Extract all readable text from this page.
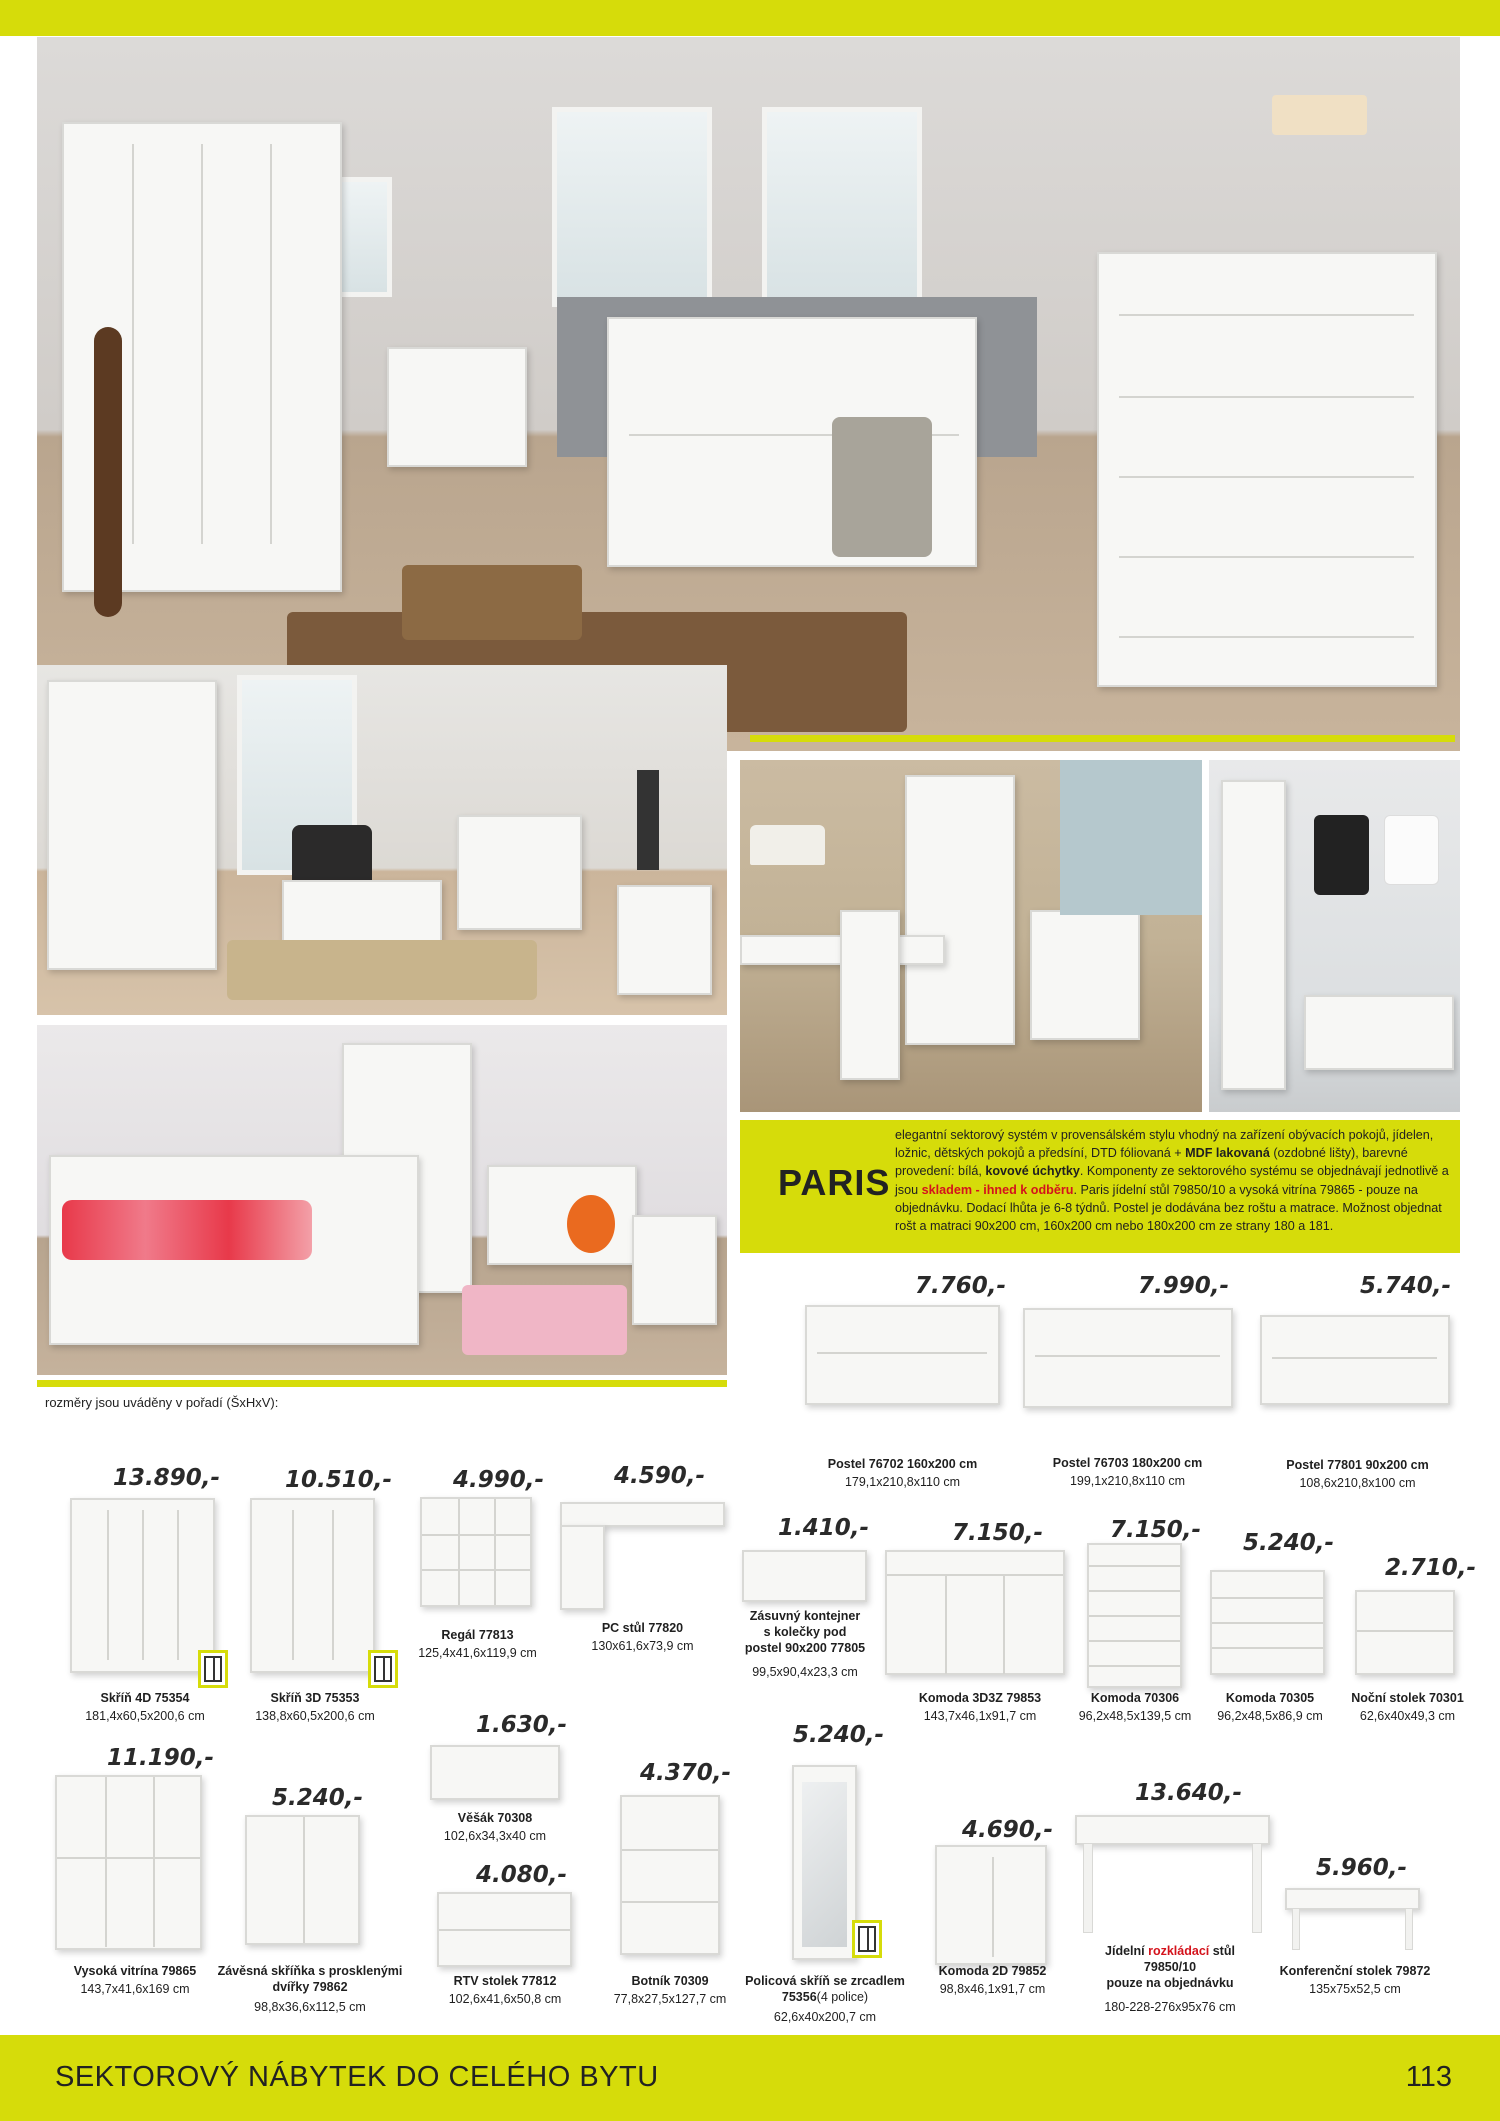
PARIS
elegantní sektorový systém v provensálském stylu vhodný na zařízení obývacích pokojů, jídelen, ložnic, dětských pokojů a předsíní, DTD fóliovaná + MDF lakovaná (ozdobné lišty), barevné provedení: bílá, kovové úchytky. Komponenty ze sektorového systému se objednávají jednotlivě a jsou skladem - ihned k odběru. Paris jídelní stůl 79850/10 a vysoká vitrína 79865 - pouze na objednávku. Dodací lhůta je 6-8 týdnů. Postel je dodávána bez roštu a matrace. Možnost objednat rošt a matraci 90x200 cm, 160x200 cm nebo 180x200 cm ze strany 180 a 181.
rozměry jsou uváděny v pořadí (ŠxHxV):
7.760,-
Postel 76702 160x200 cm
179,1x210,8x110 cm
7.990,-
Postel 76703 180x200 cm
199,1x210,8x110 cm
5.740,-
Postel 77801 90x200 cm
108,6x210,8x100 cm
13.890,-
Skříň 4D 75354
181,4x60,5x200,6 cm
10.510,-
Skříň 3D 75353
138,8x60,5x200,6 cm
4.990,-
Regál 77813
125,4x41,6x119,9 cm
4.590,-
PC stůl 77820
130x61,6x73,9 cm
1.410,-
Zásuvný kontejner
s kolečky pod
postel 90x200 77805
99,5x90,4x23,3 cm
7.150,-
Komoda 3D3Z 79853
143,7x46,1x91,7 cm
7.150,-
Komoda 70306
96,2x48,5x139,5 cm
5.240,-
Komoda 70305
96,2x48,5x86,9 cm
2.710,-
Noční stolek 70301
62,6x40x49,3 cm
11.190,-
Vysoká vitrína 79865
143,7x41,6x169 cm
5.240,-
Závěsná skříňka s prosklenými
dvířky 79862
98,8x36,6x112,5 cm
1.630,-
Věšák 70308
102,6x34,3x40 cm
4.080,-
RTV stolek 77812
102,6x41,6x50,8 cm
4.370,-
Botník 70309
77,8x27,5x127,7 cm
5.240,-
Policová skříň se zrcadlem
75356(4 police)
62,6x40x200,7 cm
4.690,-
Komoda 2D 79852
98,8x46,1x91,7 cm
13.640,-
Jídelní rozkládací stůl
79850/10
pouze na objednávku
180-228-276x95x76 cm
5.960,-
Konferenční stolek 79872
135x75x52,5 cm
SEKTOROVÝ NÁBYTEK DO CELÉHO BYTU	113
